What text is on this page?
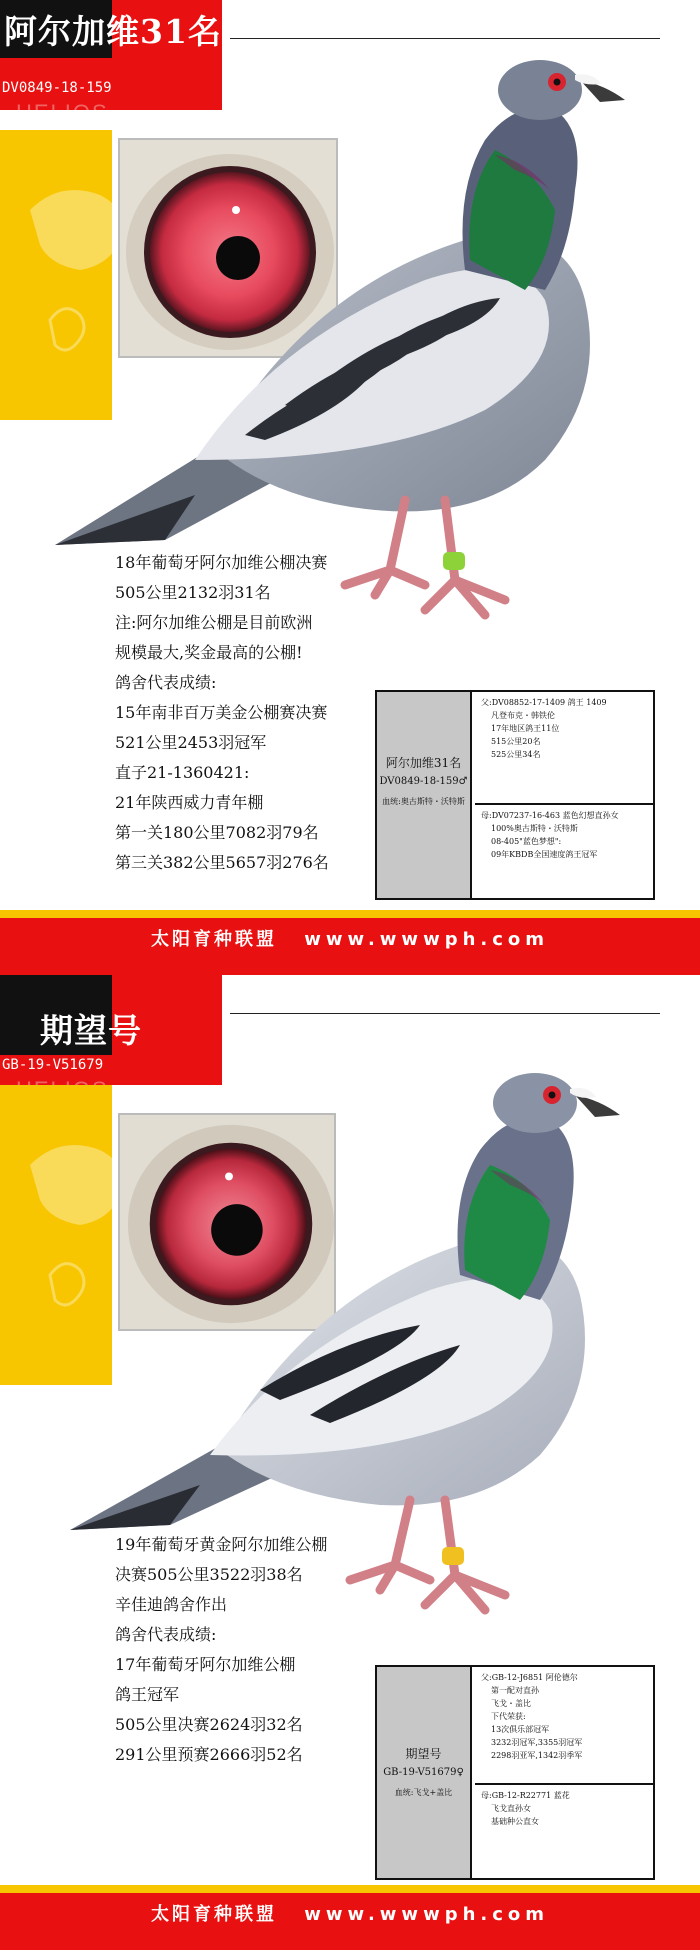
阿尔加维31名
DV0849-18-159
HELIOS
18年葡萄牙阿尔加维公棚决赛
505公里2132羽31名
注:阿尔加维公棚是目前欧洲
规模最大,奖金最高的公棚!
鸽舍代表成绩:
15年南非百万美金公棚赛决赛
521公里2453羽冠军
直子21-1360421:
21年陕西威力青年棚
第一关180公里7082羽79名
第三关382公里5657羽276名
阿尔加维31名
DV0849-18-159♂
血统:奥古斯特・沃特斯
父:DV08852-17-1409 鸽王 1409
凡登布克・韩铁伦
17年地区鸽王11位
515公里20名
525公里34名
母:DV07237-16-463 蓝色幻想直孙女
100%奥古斯特・沃特斯
08-405"蓝色梦想":
09年KBDB全国速度鸽王冠军
太阳育种联盟 www.wwwph.com
期望号
GB-19-V51679
19年葡萄牙黄金阿尔加维公棚
决赛505公里3522羽38名
辛佳迪鸽舍作出
鸽舍代表成绩:
17年葡萄牙阿尔加维公棚
鸽王冠军
505公里决赛2624羽32名
291公里预赛2666羽52名	期望号
GB-19-V51679♀
血统:飞戈+盖比
父:GB-12-J6851 阿伦德尔
第一配对直孙
飞戈・盖比
下代荣获:
13次俱乐部冠军
3232羽冠军,3355羽冠军
2298羽亚军,1342羽季军
母:GB-12-R22771 蓝花
飞戈直孙女
基础种公直女
太阳育种联盟 www.wwwph.com
